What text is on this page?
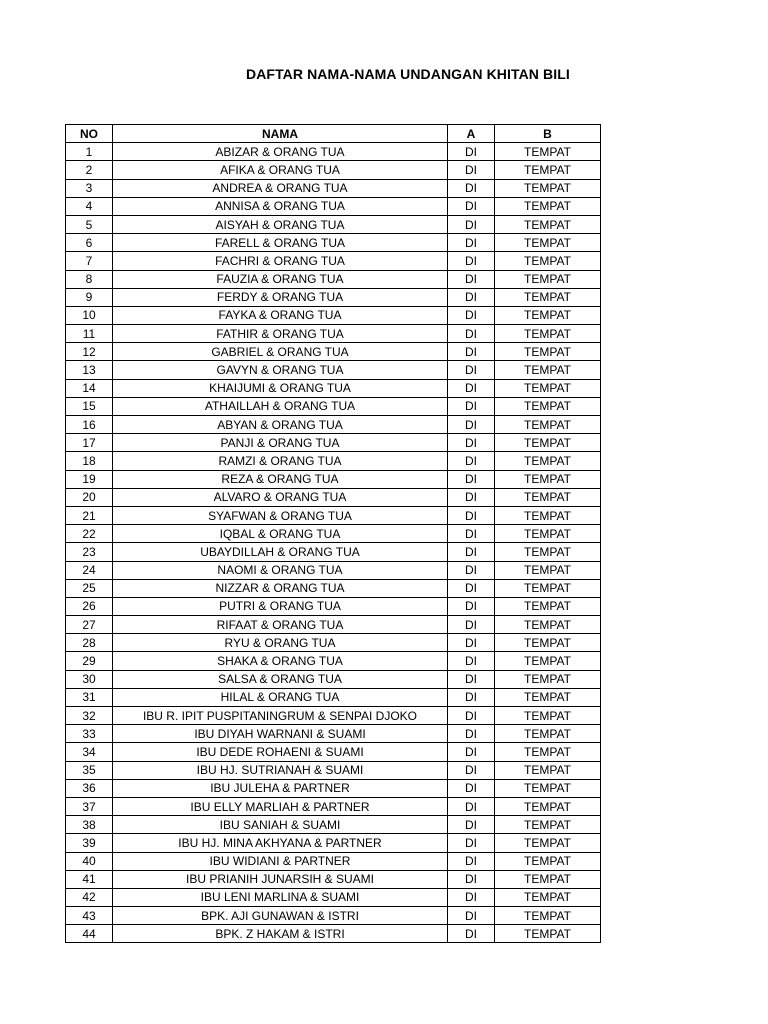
DAFTAR NAMA-NAMA UNDANGAN KHITAN BILI
NO	NAMA	A	B
1	ABIZAR & ORANG TUA	DI	TEMPAT
2	AFIKA & ORANG TUA	DI	TEMPAT
3	ANDREA & ORANG TUA	DI	TEMPAT
4	ANNISA & ORANG TUA	DI	TEMPAT
5	AISYAH & ORANG TUA	DI	TEMPAT
6	FARELL & ORANG TUA	DI	TEMPAT
7	FACHRI & ORANG TUA	DI	TEMPAT
8	FAUZIA & ORANG TUA	DI	TEMPAT
9	FERDY & ORANG TUA	DI	TEMPAT
10	FAYKA & ORANG TUA	DI	TEMPAT
11	FATHIR & ORANG TUA	DI	TEMPAT
12	GABRIEL & ORANG TUA	DI	TEMPAT
13	GAVYN & ORANG TUA	DI	TEMPAT
14	KHAIJUMI & ORANG TUA	DI	TEMPAT
15	ATHAILLAH & ORANG TUA	DI	TEMPAT
16	ABYAN & ORANG TUA	DI	TEMPAT
17	PANJI & ORANG TUA	DI	TEMPAT
18	RAMZI & ORANG TUA	DI	TEMPAT
19	REZA & ORANG TUA	DI	TEMPAT
20	ALVARO & ORANG TUA	DI	TEMPAT
21	SYAFWAN & ORANG TUA	DI	TEMPAT
22	IQBAL & ORANG TUA	DI	TEMPAT
23	UBAYDILLAH & ORANG TUA	DI	TEMPAT
24	NAOMI & ORANG TUA	DI	TEMPAT
25	NIZZAR & ORANG TUA	DI	TEMPAT
26	PUTRI & ORANG TUA	DI	TEMPAT
27	RIFAAT & ORANG TUA	DI	TEMPAT
28	RYU & ORANG TUA	DI	TEMPAT
29	SHAKA & ORANG TUA	DI	TEMPAT
30	SALSA & ORANG TUA	DI	TEMPAT
31	HILAL & ORANG TUA	DI	TEMPAT
32	IBU R. IPIT PUSPITANINGRUM & SENPAI DJOKO	DI	TEMPAT
33	IBU DIYAH WARNANI & SUAMI	DI	TEMPAT
34	IBU DEDE ROHAENI & SUAMI	DI	TEMPAT
35	IBU HJ. SUTRIANAH & SUAMI	DI	TEMPAT
36	IBU JULEHA & PARTNER	DI	TEMPAT
37	IBU ELLY MARLIAH & PARTNER	DI	TEMPAT
38	IBU SANIAH & SUAMI	DI	TEMPAT
39	IBU HJ. MINA AKHYANA & PARTNER	DI	TEMPAT
40	IBU WIDIANI & PARTNER	DI	TEMPAT
41	IBU PRIANIH JUNARSIH & SUAMI	DI	TEMPAT
42	IBU LENI MARLINA & SUAMI	DI	TEMPAT
43	BPK. AJI GUNAWAN & ISTRI	DI	TEMPAT
44	BPK. Z HAKAM & ISTRI	DI	TEMPAT
